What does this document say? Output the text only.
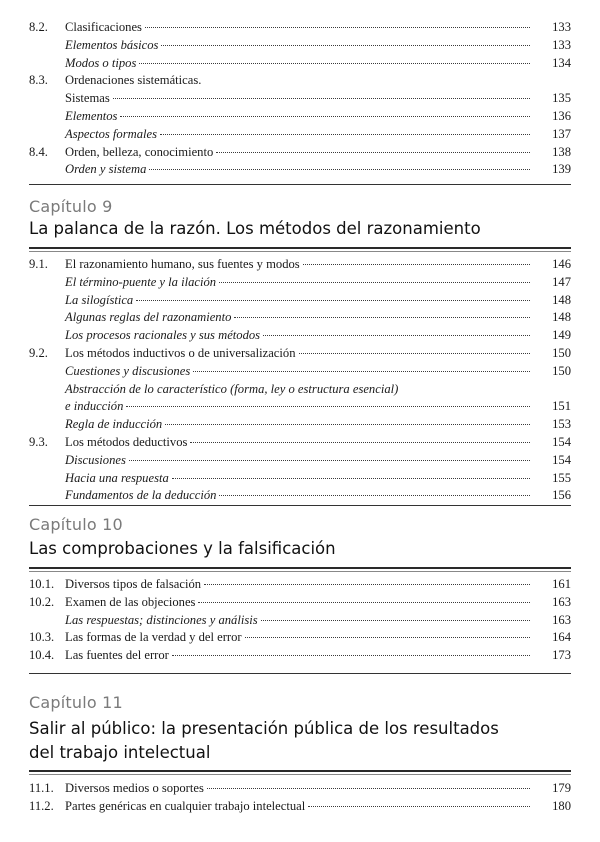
8.2.	Clasificaciones	133
Elementos básicos	133
Modos o tipos	134
8.3.	Ordenaciones sistemáticas.
Sistemas	135
Elementos	136
Aspectos formales	137
8.4.	Orden, belleza, conocimiento	138
Orden y sistema	139
Capítulo 9
La palanca de la razón. Los métodos del razonamiento
9.1.	El razonamiento humano, sus fuentes y modos	146
El término-puente y la ilación	147
La silogística	148
Algunas reglas del razonamiento	148
Los procesos racionales y sus métodos	149
9.2.	Los métodos inductivos o de universalización	150
Cuestiones y discusiones	150
Abstracción de lo característico (forma, ley o estructura esencial)
e inducción	151
Regla de inducción	153
9.3.	Los métodos deductivos	154
Discusiones	154
Hacia una respuesta	155
Fundamentos de la deducción	156
Capítulo 10
Las comprobaciones y la falsificación
10.1. Diversos tipos de falsación	161
10.2. Examen de las objeciones	163
Las respuestas; distinciones y análisis	163
10.3. Las formas de la verdad y del error	164
10.4. Las fuentes del error	173
Capítulo 11
Salir al público: la presentación pública de los resultados
del trabajo intelectual
11.1. Diversos medios o soportes	179
11.2. Partes genéricas en cualquier trabajo intelectual	180
